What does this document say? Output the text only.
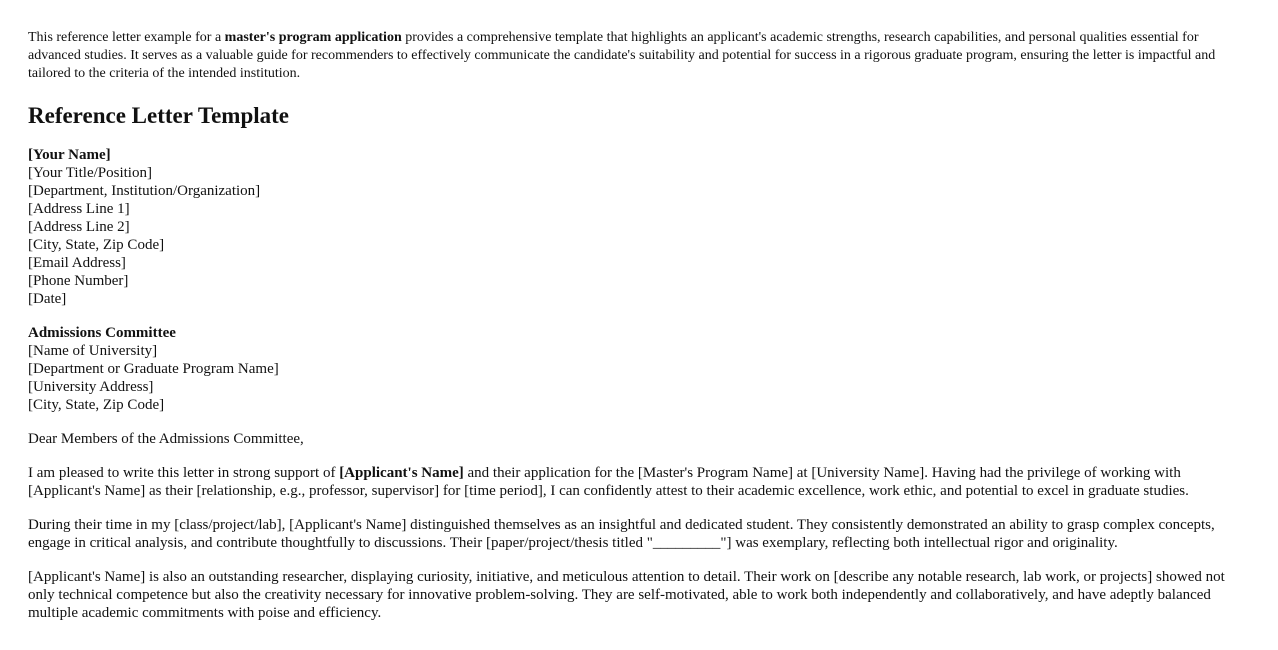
This reference letter example for a master's program application provides a comprehensive template that highlights an applicant's academic strengths, research capabilities, and personal qualities essential for advanced studies. It serves as a valuable guide for recommenders to effectively communicate the candidate's suitability and potential for success in a rigorous graduate program, ensuring the letter is impactful and tailored to the criteria of the intended institution.

Reference Letter Template
[Your Name]
[Your Title/Position]
[Department, Institution/Organization]
[Address Line 1]
[Address Line 2]
[City, State, Zip Code]
[Email Address]
[Phone Number]
[Date]
Admissions Committee
[Name of University]
[Department or Graduate Program Name]
[University Address]
[City, State, Zip Code]

Dear Members of the Admissions Committee,

I am pleased to write this letter in strong support of [Applicant's Name] and their application for the [Master's Program Name] at [University Name]. Having had the privilege of working with [Applicant's Name] as their [relationship, e.g., professor, supervisor] for [time period], I can confidently attest to their academic excellence, work ethic, and potential to excel in graduate studies.

During their time in my [class/project/lab], [Applicant's Name] distinguished themselves as an insightful and dedicated student. They consistently demonstrated an ability to grasp complex concepts, engage in critical analysis, and contribute thoughtfully to discussions. Their [paper/project/thesis titled "_________"] was exemplary, reflecting both intellectual rigor and originality.

[Applicant's Name] is also an outstanding researcher, displaying curiosity, initiative, and meticulous attention to detail. Their work on [describe any notable research, lab work, or projects] showed not only technical competence but also the creativity necessary for innovative problem-solving. They are self-motivated, able to work both independently and collaboratively, and have adeptly balanced multiple academic commitments with poise and efficiency.
